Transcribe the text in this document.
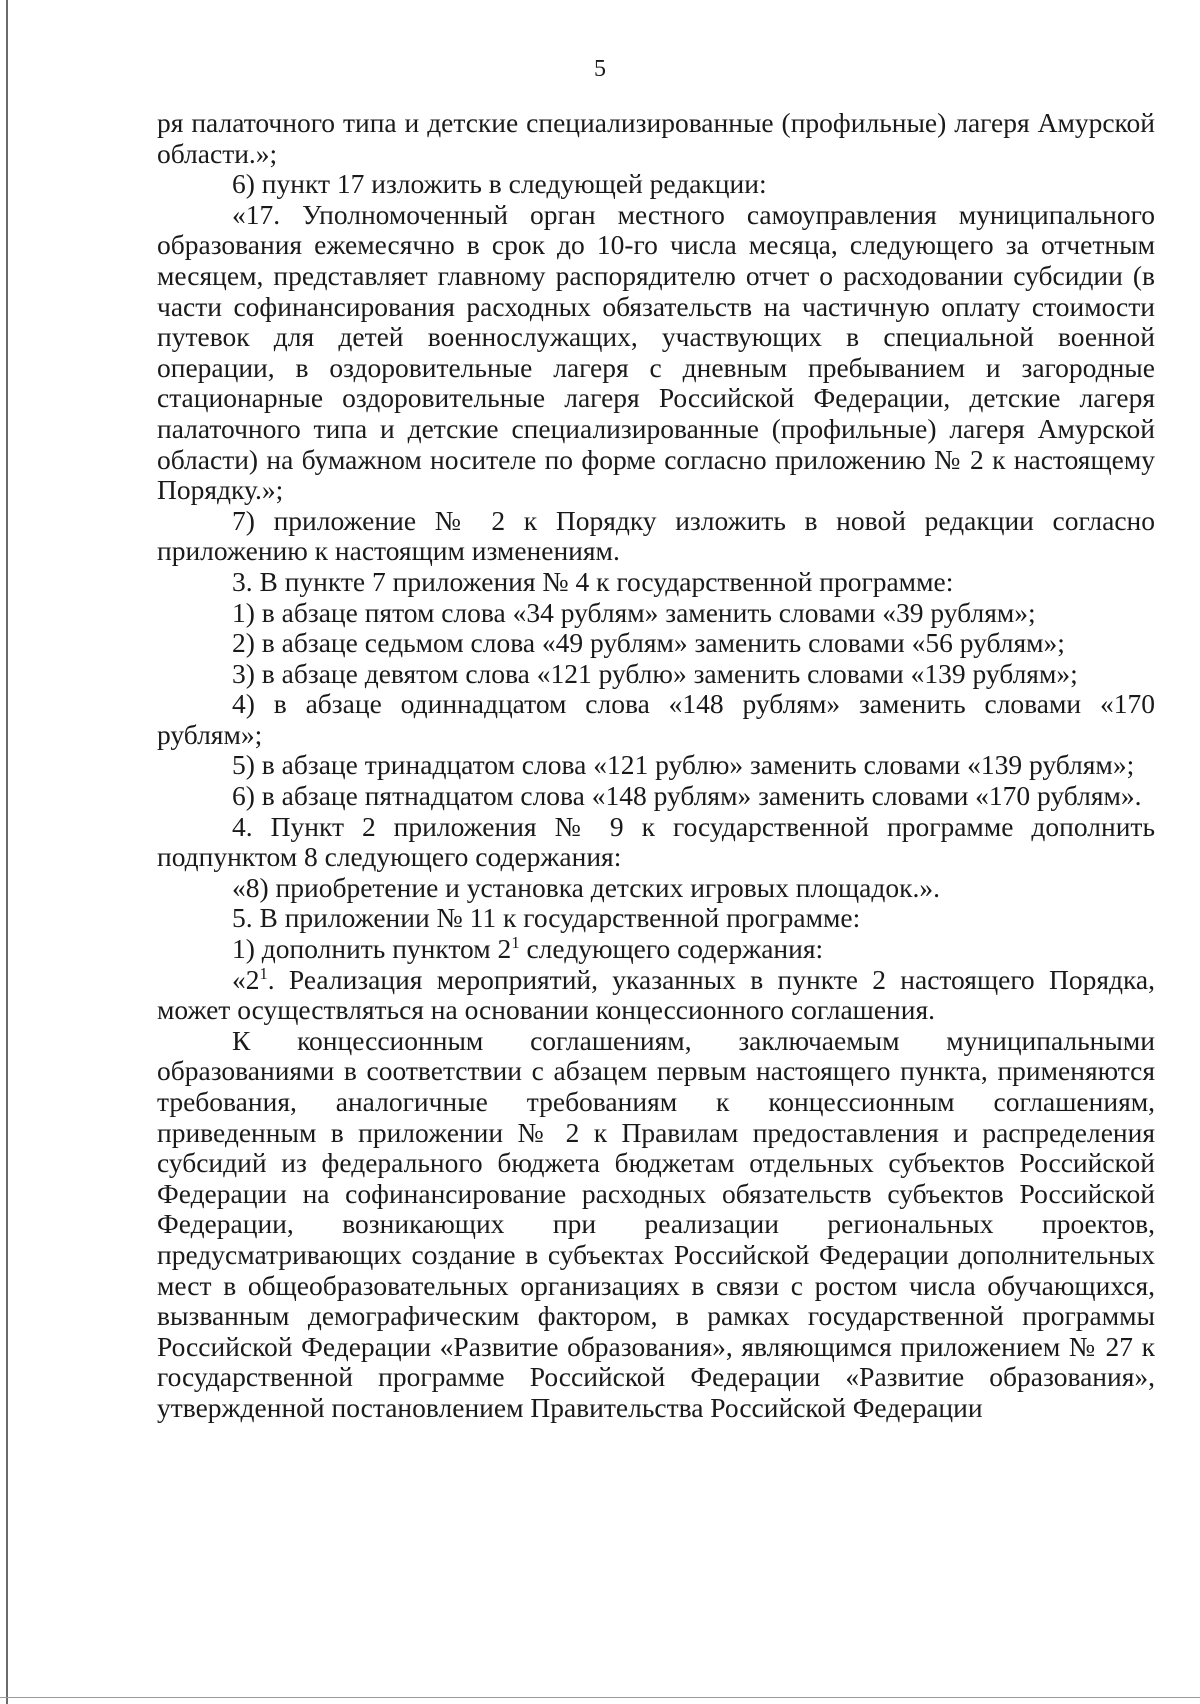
5

ря палаточного типа и детские специализированные (профильные) лагеря Амурской области.»;

6) пункт 17 изложить в следующей редакции:

«17. Уполномоченный орган местного самоуправления муниципального образования ежемесячно в срок до 10-го числа месяца, следующего за отчетным месяцем, представляет главному распорядителю отчет о расходовании субсидии (в части софинансирования расходных обязательств на частичную оплату стоимости путевок для детей военнослужащих, участвующих в специальной военной операции, в оздоровительные лагеря с дневным пребыванием и загородные стационарные оздоровительные лагеря Российской Федерации, детские лагеря палаточного типа и детские специализированные (профильные) лагеря Амурской области) на бумажном носителе по форме согласно приложению № 2 к настоящему Порядку.»;

7) приложение № 2 к Порядку изложить в новой редакции согласно приложению к настоящим изменениям.

3. В пункте 7 приложения № 4 к государственной программе:

1) в абзаце пятом слова «34 рублям» заменить словами «39 рублям»;

2) в абзаце седьмом слова «49 рублям» заменить словами «56 рублям»;

3) в абзаце девятом слова «121 рублю» заменить словами «139 рублям»;

4) в абзаце одиннадцатом слова «148 рублям» заменить словами «170 рублям»;

5) в абзаце тринадцатом слова «121 рублю» заменить словами «139 рублям»;

6) в абзаце пятнадцатом слова «148 рублям» заменить словами «170 рублям».

4. Пункт 2 приложения № 9 к государственной программе дополнить подпунктом 8 следующего содержания:

«8) приобретение и установка детских игровых площадок.».

5. В приложении № 11 к государственной программе:

1) дополнить пунктом $2^1$ следующего содержания:

«$2^1$. Реализация мероприятий, указанных в пункте 2 настоящего Порядка, может осуществляться на основании концессионного соглашения.

К концессионным соглашениям, заключаемым муниципальными образованиями в соответствии с абзацем первым настоящего пункта, применяются требования, аналогичные требованиям к концессионным соглашениям, приведенным в приложении № 2 к Правилам предоставления и распределения субсидий из федерального бюджета бюджетам отдельных субъектов Российской Федерации на софинансирование расходных обязательств субъектов Российской Федерации, возникающих при реализации региональных проектов, предусматривающих создание в субъектах Российской Федерации дополнительных мест в общеобразовательных организациях в связи с ростом числа обучающихся, вызванным демографическим фактором, в рамках государственной программы Российской Федерации «Развитие образования», являющимся приложением № 27 к государственной программе Российской Федерации «Развитие образования», утвержденной постановлением Правительства Российской Федерации
